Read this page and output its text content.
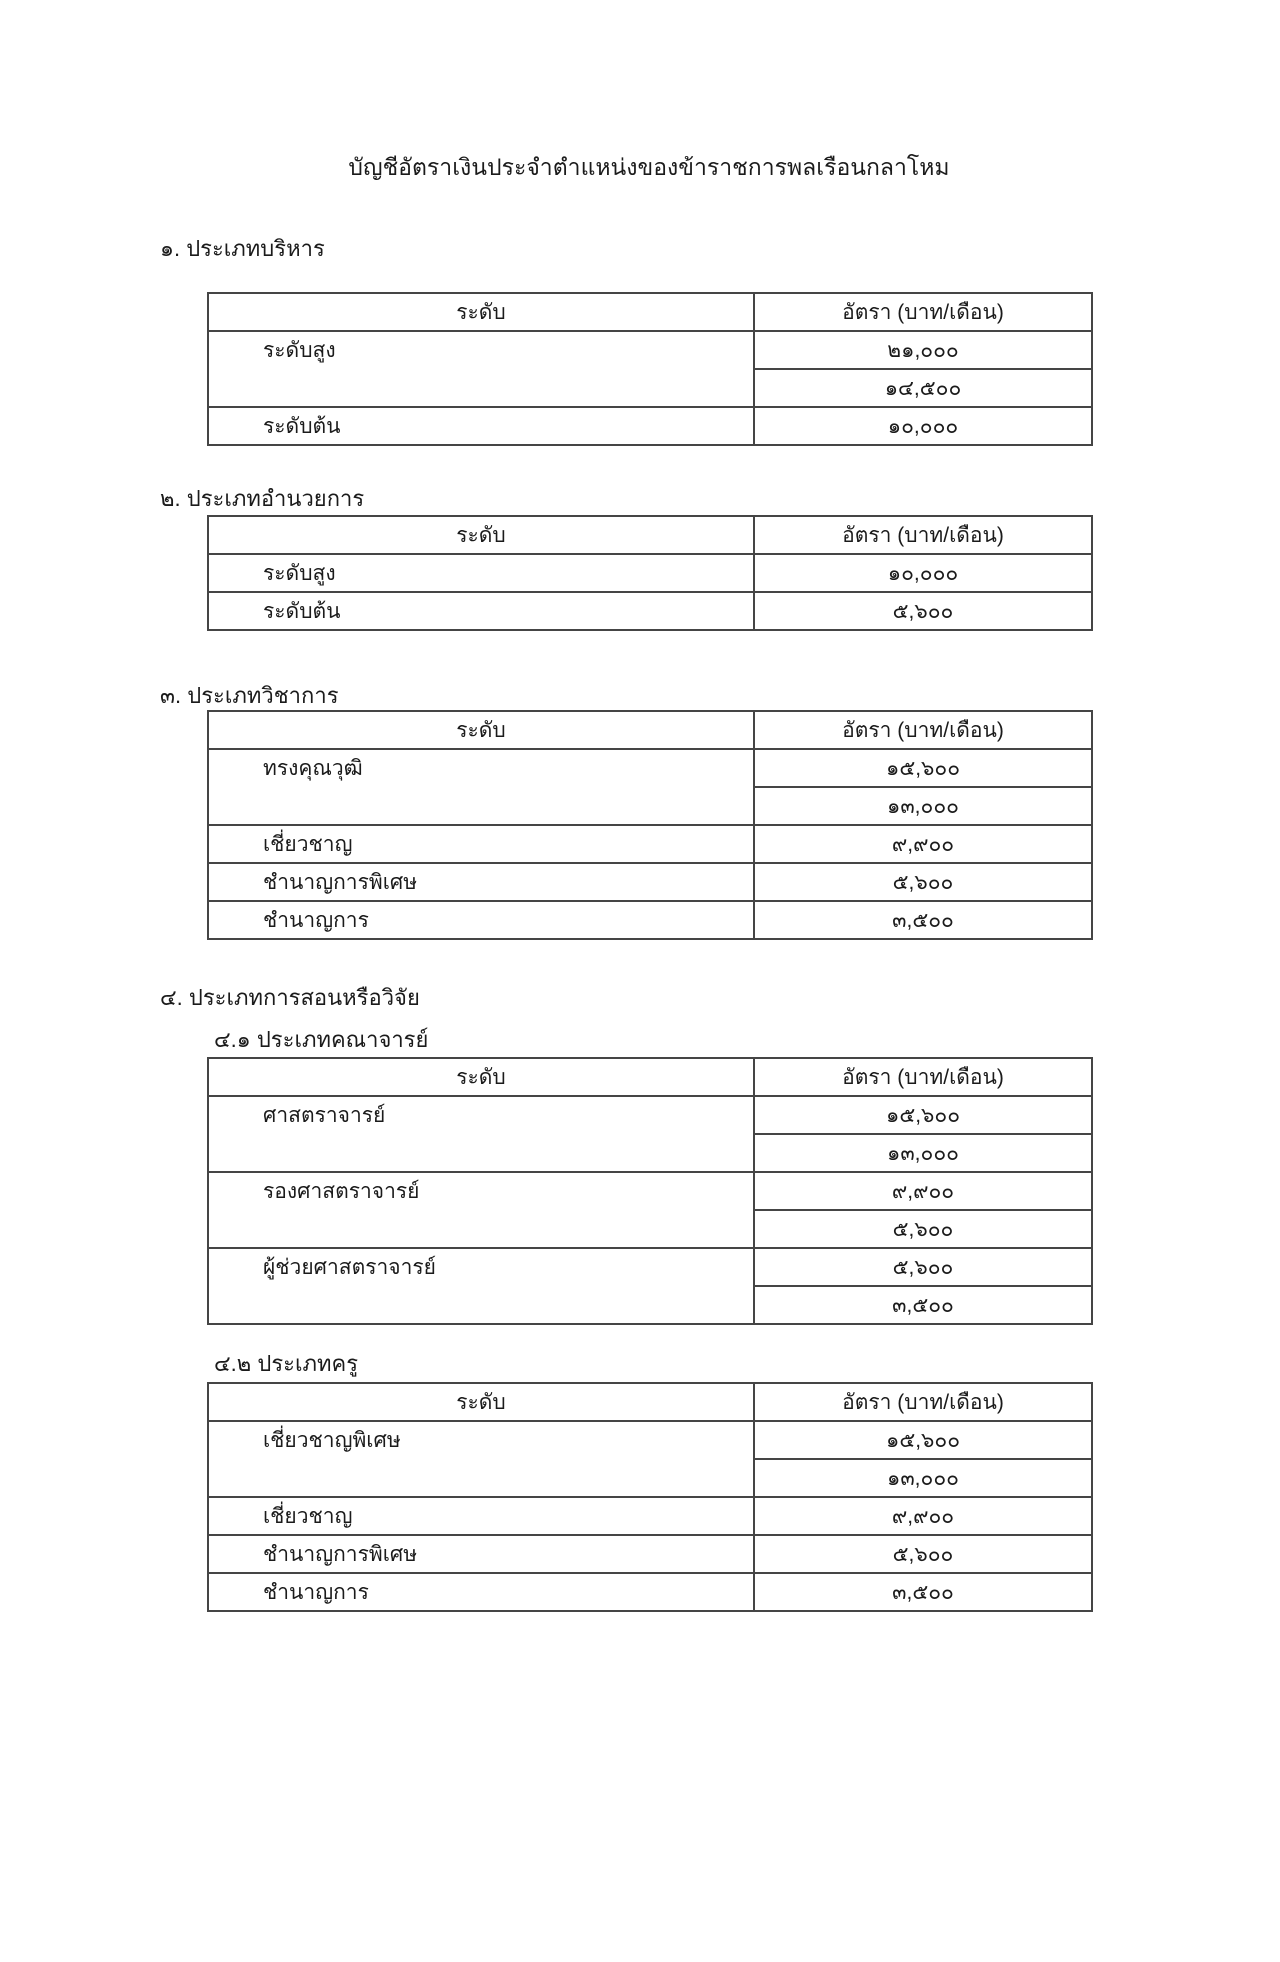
บัญชีอัตราเงินประจำตำแหน่งของข้าราชการพลเรือนกลาโหม
๑. ประเภทบริหาร
ระดับ	อัตรา (บาท/เดือน)
ระดับสูง	๒๑,๐๐๐
	๑๔,๕๐๐
ระดับต้น	๑๐,๐๐๐
๒. ประเภทอำนวยการ
ระดับ	อัตรา (บาท/เดือน)
ระดับสูง	๑๐,๐๐๐
ระดับต้น	๕,๖๐๐
๓. ประเภทวิชาการ
ระดับ	อัตรา (บาท/เดือน)
ทรงคุณวุฒิ	๑๕,๖๐๐
	๑๓,๐๐๐
เชี่ยวชาญ	๙,๙๐๐
ชำนาญการพิเศษ	๕,๖๐๐
ชำนาญการ	๓,๕๐๐
๔. ประเภทการสอนหรือวิจัย
๔.๑ ประเภทคณาจารย์
ระดับ	อัตรา (บาท/เดือน)
ศาสตราจารย์	๑๕,๖๐๐
	๑๓,๐๐๐
รองศาสตราจารย์	๙,๙๐๐
	๕,๖๐๐
ผู้ช่วยศาสตราจารย์	๕,๖๐๐
	๓,๕๐๐
๔.๒ ประเภทครู
ระดับ	อัตรา (บาท/เดือน)
เชี่ยวชาญพิเศษ	๑๕,๖๐๐
	๑๓,๐๐๐
เชี่ยวชาญ	๙,๙๐๐
ชำนาญการพิเศษ	๕,๖๐๐
ชำนาญการ	๓,๕๐๐
